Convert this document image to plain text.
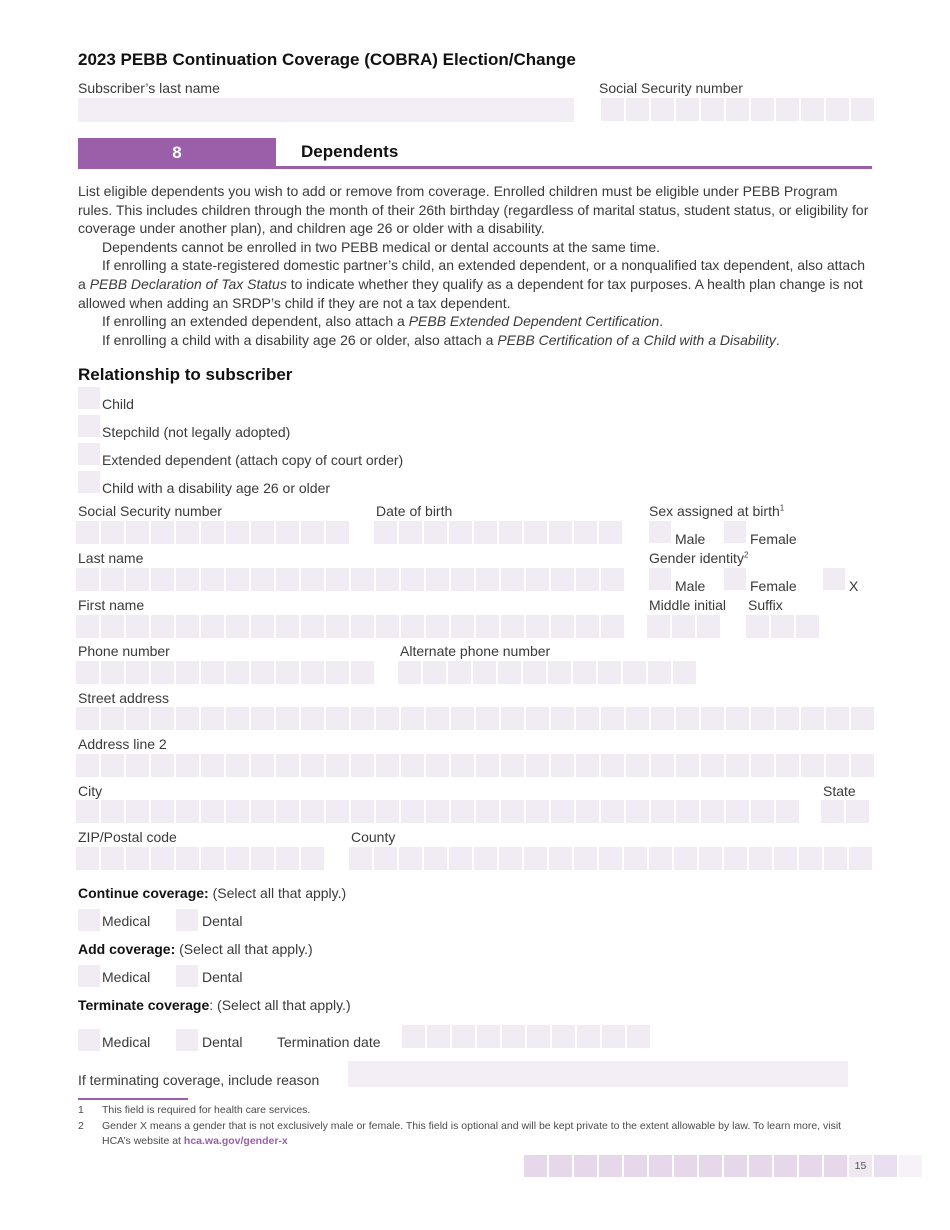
2023 PEBB Continuation Coverage (COBRA) Election/Change
Subscriber’s last name	Social Security number
8	Dependents

List eligible dependents you wish to add or remove from coverage. Enrolled children must be eligible under PEBB Program rules. This includes children through the month of their 26th birthday (regardless of marital status, student status, or eligibility for coverage under another plan), and children age 26 or older with a disability.

Dependents cannot be enrolled in two PEBB medical or dental accounts at the same time.

If enrolling a state-registered domestic partner’s child, an extended dependent, or a nonqualified tax dependent, also attach a PEBB Declaration of Tax Status to indicate whether they qualify as a dependent for tax purposes. A health plan change is not allowed when adding an SRDP’s child if they are not a tax dependent.

If enrolling an extended dependent, also attach a PEBB Extended Dependent Certification.

If enrolling a child with a disability age 26 or older, also attach a PEBB Certification of a Child with a Disability.

Relationship to subscriber
Child
Stepchild (not legally adopted)
Extended dependent (attach copy of court order)
Child with a disability age 26 or older
Social Security number	Date of birth	Sex assigned at birth$^1$
Male	Female
Last name	Gender identity$^2$
Male	Female	X
First name	Middle initial Suffix
Phone number	Alternate phone number
Street address
Address line 2
City	State
ZIP/Postal code	County
Continue coverage: (Select all that apply.)
Medical	Dental
Add coverage: (Select all that apply.)
Medical	Dental
Terminate coverage: (Select all that apply.)
Medical	Dental Termination date
If terminating coverage, include reason
1 This field is required for health care services.
2 Gender X means a gender that is not exclusively male or female. This field is optional and will be kept private to the extent allowable by law. To learn more, visit HCA’s website at hca.wa.gov/gender-x
15
